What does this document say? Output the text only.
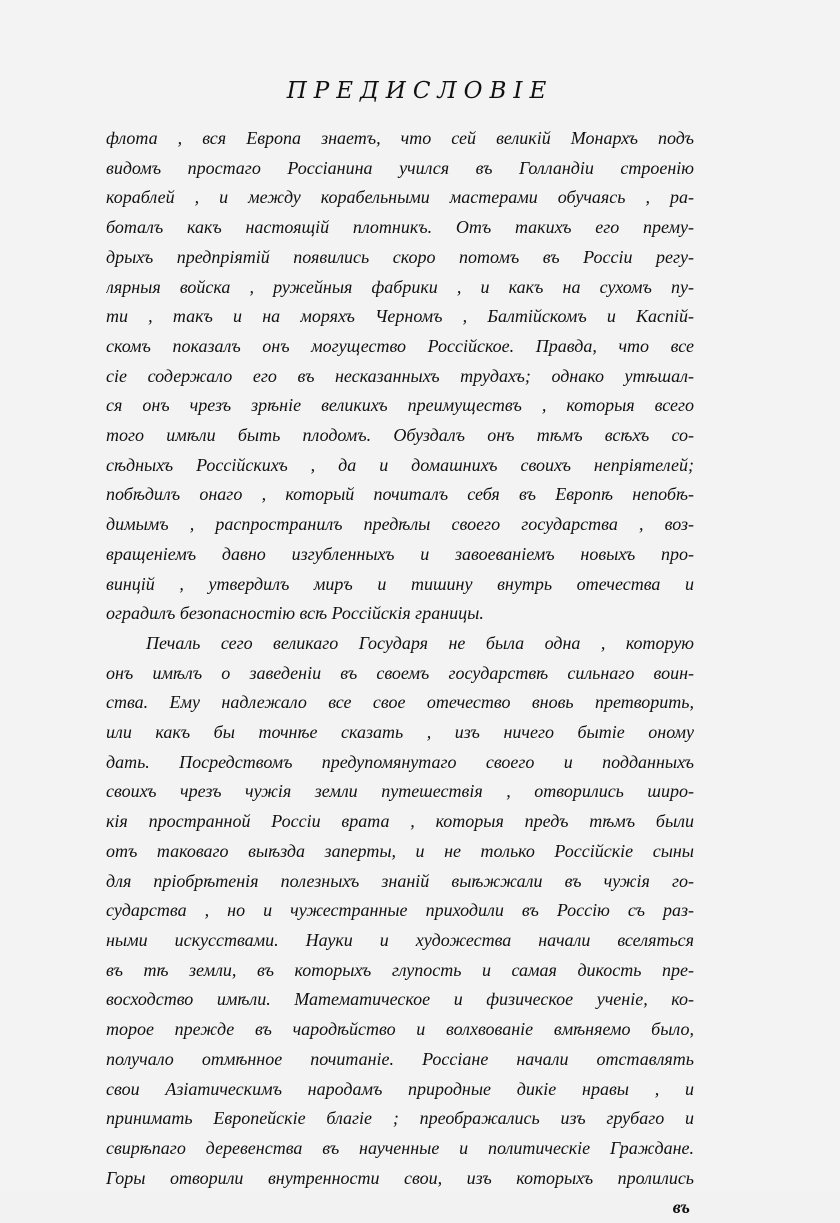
ПРЕДИСЛОВІЕ
флота , вся Европа знаетъ, что сей великій Монархъ подъ
видомъ простаго Россіанина учился въ Голландіи строенію
кораблей , и между корабельными мастерами обучаясь , ра-
боталъ какъ настоящій плотникъ. Отъ такихъ его прему-
дрыхъ предпріятій появились скоро потомъ въ Россіи регу-
лярныя войска , ружейныя фабрики , и какъ на сухомъ пу-
ти , такъ и на моряхъ Черномъ , Балтійскомъ и Каспій-
скомъ показалъ онъ могущество Россійское. Правда, что все
сіе содержало его въ несказанныхъ трудахъ; однако утѣшал-
ся онъ чрезъ зрѣніе великихъ преимуществъ , которыя всего
того имѣли быть плодомъ. Обуздалъ онъ тѣмъ всѣхъ со-
сѣдныхъ Россійскихъ , да и домашнихъ своихъ непріятелей;
побѣдилъ онаго , который почиталъ себя въ Европѣ непобѣ-
димымъ , распространилъ предѣлы своего государства , воз-
вращеніемъ давно изгубленныхъ и завоеваніемъ новыхъ про-
винцій , утвердилъ миръ и тишину внутрь отечества и
оградилъ безопасностію всѣ Россійскія границы.
Печаль сего великаго Государя не была одна , которую
онъ имѣлъ о заведеніи въ своемъ государствѣ сильнаго воин-
ства. Ему надлежало все свое отечество вновь претворить,
или какъ бы точнѣе сказать , изъ ничего бытіе оному
дать. Посредствомъ предупомянутаго своего и подданныхъ
своихъ чрезъ чужія земли путешествія , отворились широ-
кія пространной Россіи врата , которыя предъ тѣмъ были
отъ таковаго выѣзда заперты, и не только Россійскіе сыны
для пріобрѣтенія полезныхъ знаній выѣжжали въ чужія го-
сударства , но и чужестранные приходили въ Россію съ раз-
ными искусствами. Науки и художества начали вселяться
въ тѣ земли, въ которыхъ глупость и самая дикость пре-
восходство имѣли. Математическое и физическое ученіе, ко-
торое прежде въ чародѣйство и волхвованіе вмѣняемо было,
получало отмѣнное почитаніе. Россіане начали отставлять
свои Азіатическимъ народамъ природные дикіе нравы , и
принимать Европейскіе благіе ; преображались изъ грубаго и
свирѣпаго деревенства въ наученные и политическіе Граждане.
Горы отворили внутренности свои, изъ которыхъ пролились
въ
